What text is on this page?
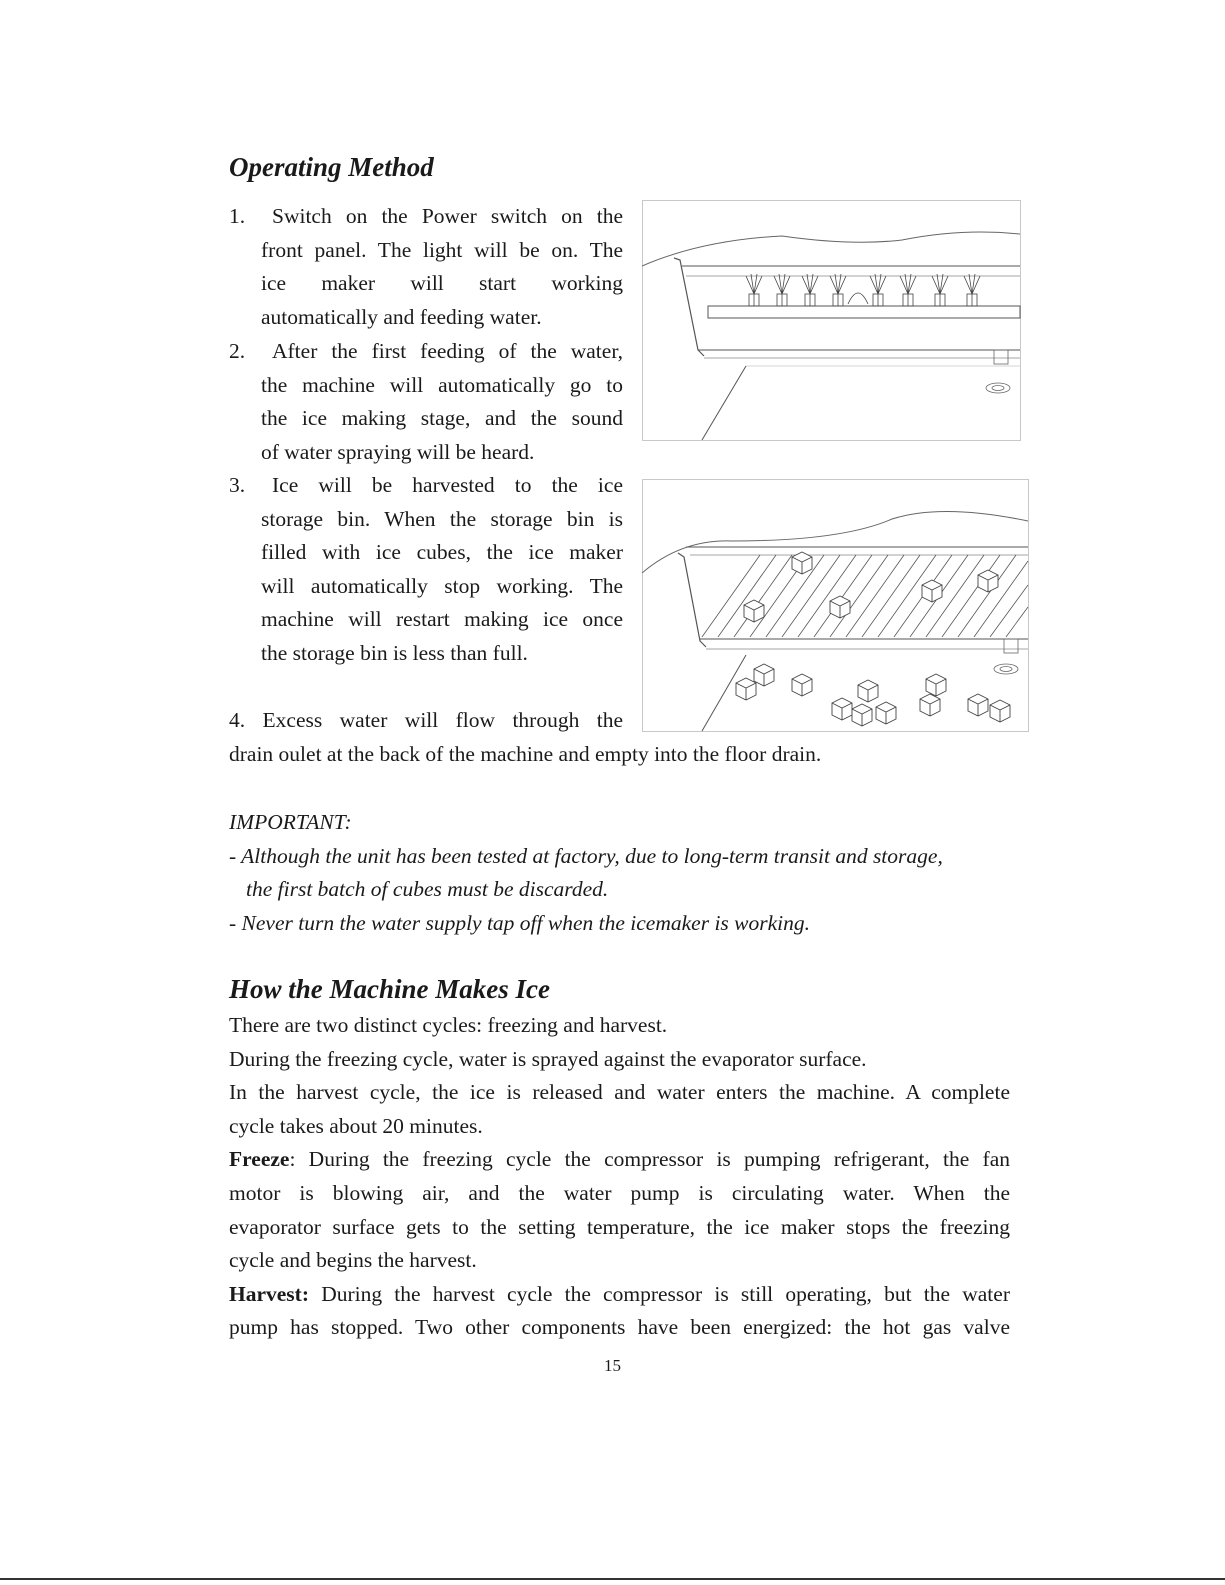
Operating Method
1.	Switch on the Power switch on the
front panel. The light will be on. The
ice maker will start working
automatically and feeding water.
2.	After the first feeding of the water,
the machine will automatically go to
the ice making stage, and the sound
of water spraying will be heard.
3.	Ice will be harvested to the ice
storage bin. When the storage bin is
filled with ice cubes, the ice maker
will automatically stop working. The
machine will restart making ice once
the storage bin is less than full.
4. Excess water will flow through the
drain oulet at the back of the machine and empty into the floor drain.
IMPORTANT:
- Although the unit has been tested at factory, due to long-term transit and storage,
the first batch of cubes must be discarded.
- Never turn the water supply tap off when the icemaker is working.
How the Machine Makes Ice
There are two distinct cycles: freezing and harvest.
During the freezing cycle, water is sprayed against the evaporator surface.
In the harvest cycle, the ice is released and water enters the machine. A complete
cycle takes about 20 minutes.
Freeze: During the freezing cycle the compressor is pumping refrigerant, the fan
motor is blowing air, and the water pump is circulating water. When the
evaporator surface gets to the setting temperature, the ice maker stops the freezing
cycle and begins the harvest.
Harvest: During the harvest cycle the compressor is still operating, but the water
pump has stopped. Two other components have been energized: the hot gas valve
15
